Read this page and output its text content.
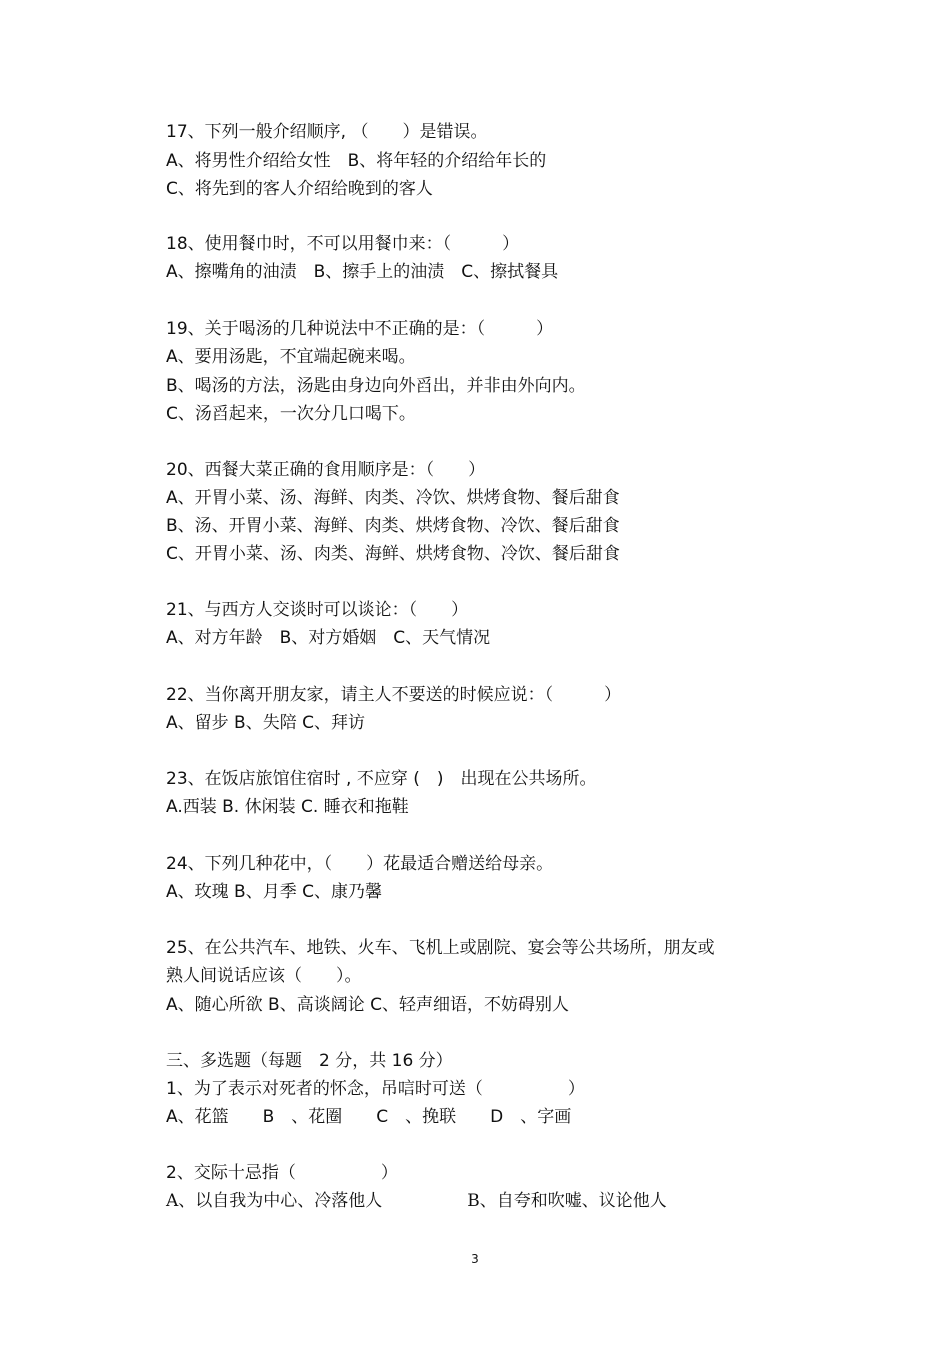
17、下列一般介绍顺序, （　　）是错误。
A、将男性介绍给女性　B、将年轻的介绍给年长的
C、将先到的客人介绍给晚到的客人
18、使用餐巾时，不可以用餐巾来：（　　　）
A、擦嘴角的油渍　B、擦手上的油渍　C、擦拭餐具
19、关于喝汤的几种说法中不正确的是：（　　　）
A、要用汤匙，不宜端起碗来喝。
B、喝汤的方法，汤匙由身边向外舀出，并非由外向内。
C、汤舀起来，一次分几口喝下。
20、西餐大菜正确的食用顺序是：（　　）
A、开胃小菜、汤、海鲜、肉类、冷饮、烘烤食物、餐后甜食
B、汤、开胃小菜、海鲜、肉类、烘烤食物、冷饮、餐后甜食
C、开胃小菜、汤、肉类、海鲜、烘烤食物、冷饮、餐后甜食
21、与西方人交谈时可以谈论：（　　）
A、对方年龄　B、对方婚姻　C、天气情况
22、当你离开朋友家，请主人不要送的时候应说：（　　　）
A、留步 B、失陪 C、拜访
23、在饭店旅馆住宿时 , 不应穿 (　)　出现在公共场所。
A.西装 B. 休闲装 C. 睡衣和拖鞋
24、下列几种花中，（　　）花最适合赠送给母亲。
A、玫瑰 B、月季 C、康乃馨
25、在公共汽车、地铁、火车、飞机上或剧院、宴会等公共场所，朋友或
熟人间说话应该（　　）。
A、随心所欲 B、高谈阔论 C、轻声细语，不妨碍别人
三、多选题（每题　2 分，共 16 分）
1、为了表示对死者的怀念，吊唁时可送（　　　　　）
A、花篮　　B　、花圈　　C　、挽联　　D　、字画
2、交际十忌指（　　　　　）
A、以自我为中心、冷落他人　　　　　B、自夸和吹嘘、议论他人
3
